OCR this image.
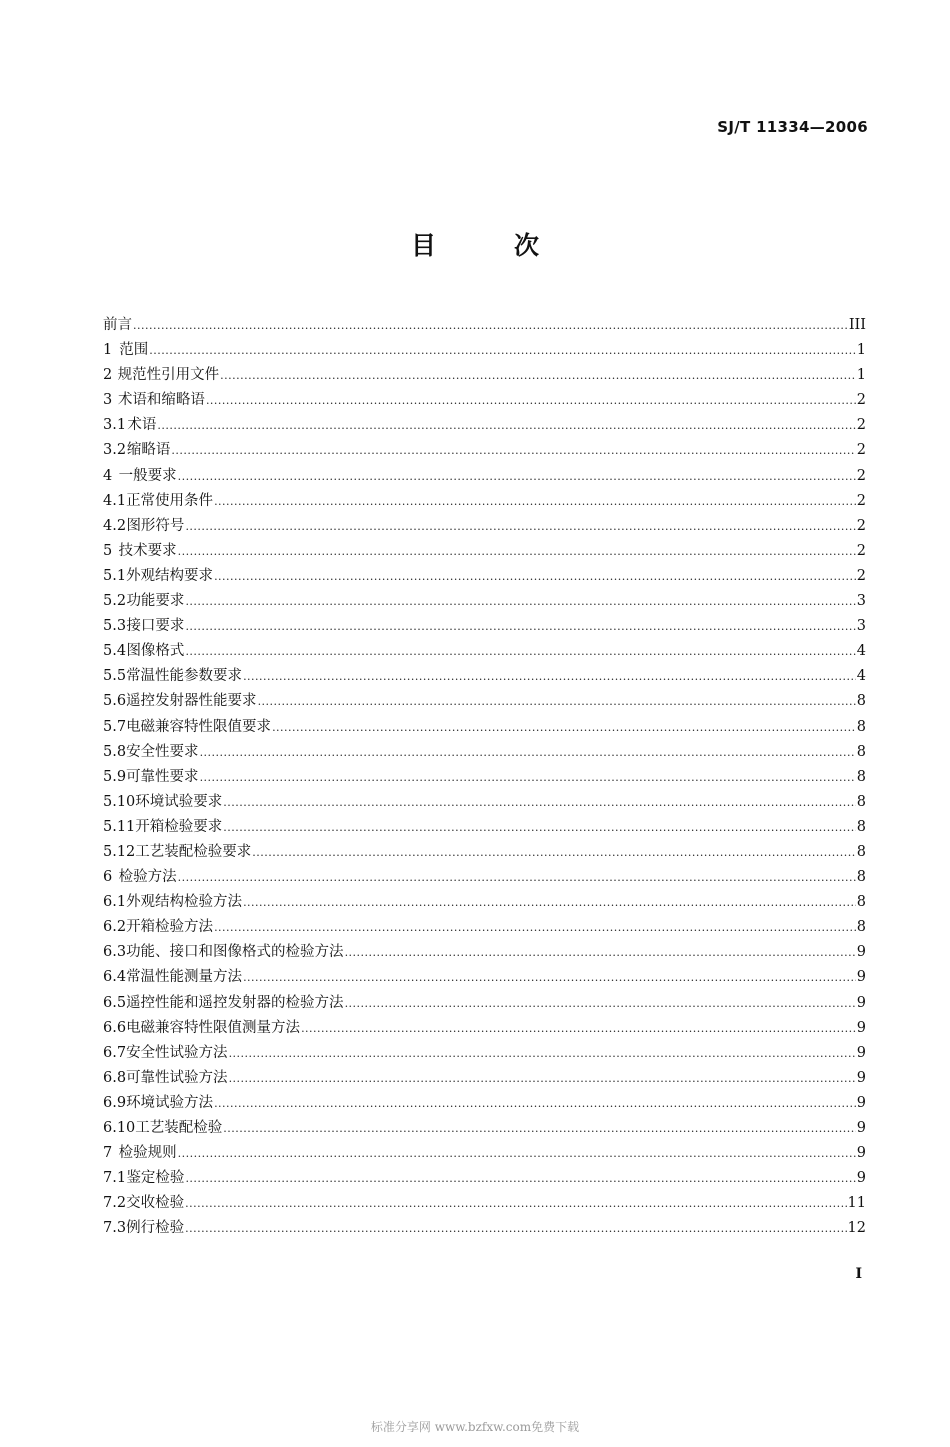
SJ/T 11334—2006
目次
前言 .....	III
1 范围 .....	1
2 规范性引用文件 .....	1
3 术语和缩略语 .....	2
3.1 术语 .....	2
3.2 缩略语 .....	2
4 一般要求 .....	2
4.1 正常使用条件 .....	2
4.2 图形符号 .....	2
5 技术要求 .....	2
5.1 外观结构要求 .....	2
5.2 功能要求 .....	3
5.3 接口要求 .....	3
5.4 图像格式 .....	4
5.5 常温性能参数要求 .....	4
5.6 遥控发射器性能要求 .....	8
5.7 电磁兼容特性限值要求 .....	8
5.8 安全性要求 .....	8
5.9 可靠性要求 .....	8
5.10 环境试验要求 .....	8
5.11 开箱检验要求 .....	8
5.12 工艺装配检验要求 .....	8
6 检验方法 .....	8
6.1 外观结构检验方法 .....	8
6.2 开箱检验方法 .....	8
6.3 功能、接口和图像格式的检验方法 .....	9
6.4 常温性能测量方法 .....	9
6.5 遥控性能和遥控发射器的检验方法 .....	9
6.6 电磁兼容特性限值测量方法 .....	9
6.7 安全性试验方法 .....	9
6.8 可靠性试验方法 .....	9
6.9 环境试验方法 .....	9
6.10 工艺装配检验 .....	9
7 检验规则 .....	9
7.1 鉴定检验 .....	9
7.2 交收检验 .....	11
7.3 例行检验 .....	12
I
标准分享网 www.bzfxw.com免费下载
